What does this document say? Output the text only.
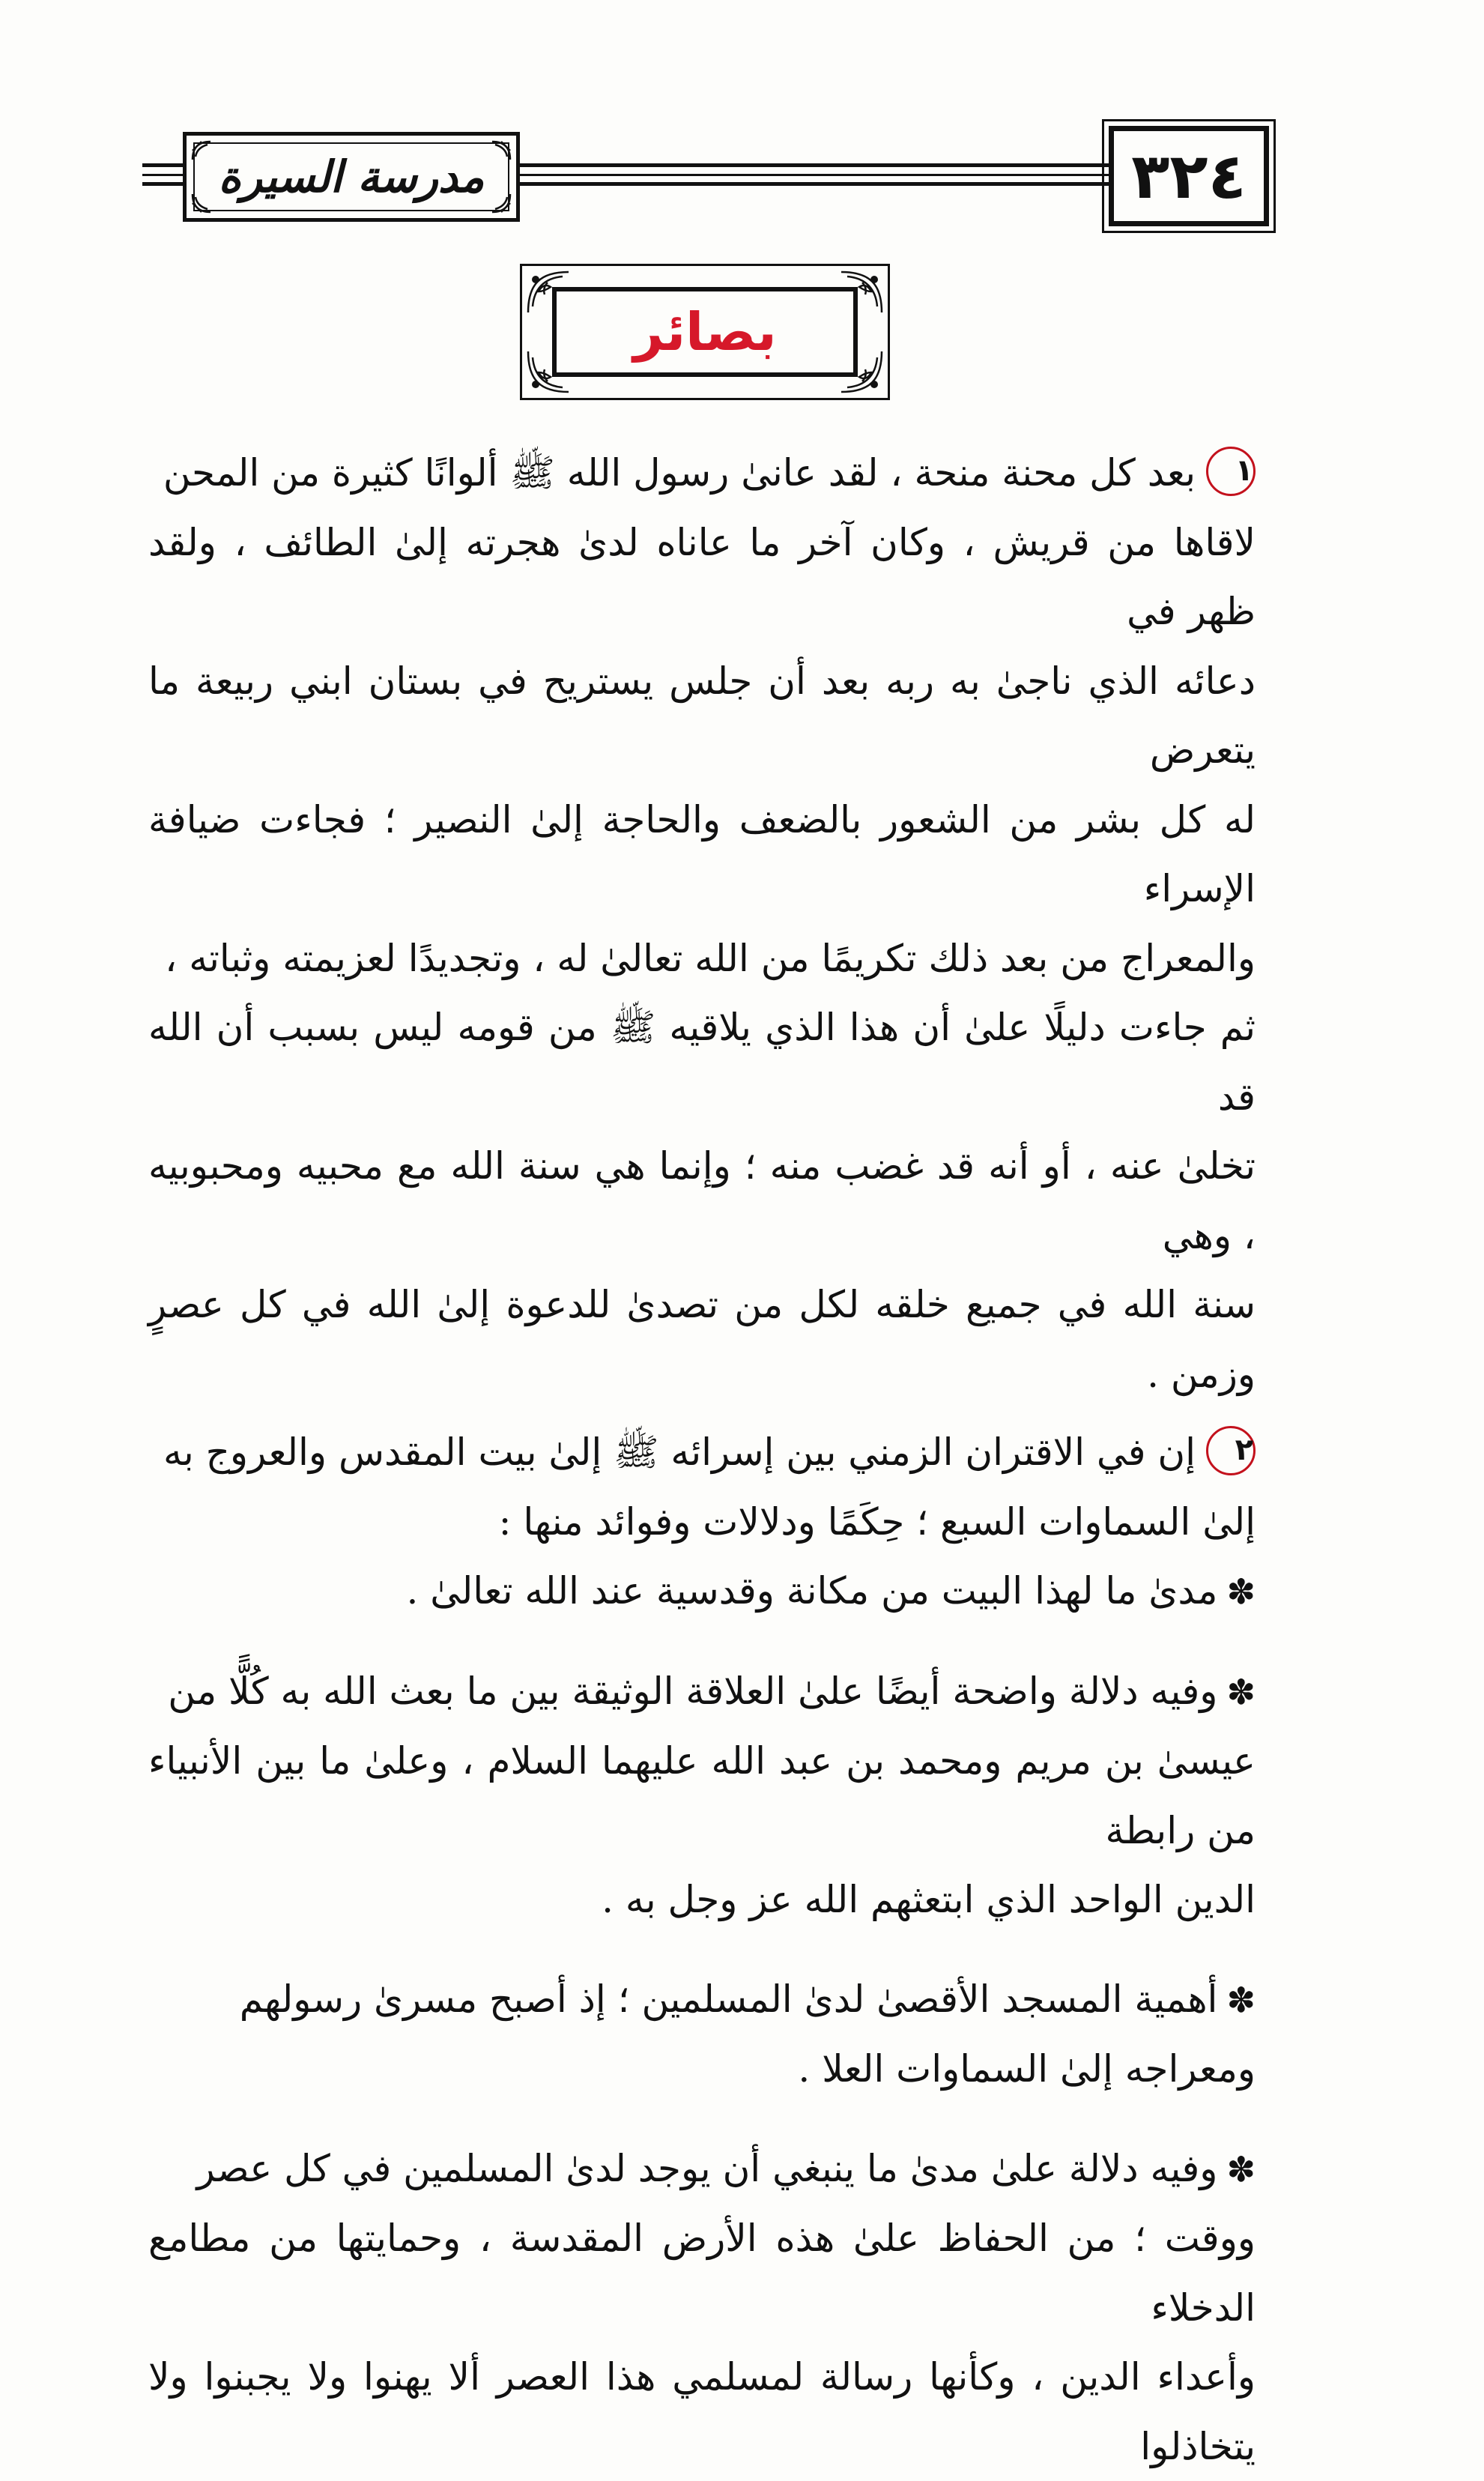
مدرسة السيرة	٣٢٤
بصائر
١بعد كل محنة منحة ، لقد عانىٰ رسول الله ﷺ ألوانًا كثيرة من المحن
لاقاها من قريش ، وكان آخر ما عاناه لدىٰ هجرته إلىٰ الطائف ، ولقد ظهر في
دعائه الذي ناجىٰ به ربه بعد أن جلس يستريح في بستان ابني ربيعة ما يتعرض
له كل بشر من الشعور بالضعف والحاجة إلىٰ النصير ؛ فجاءت ضيافة الإسراء
والمعراج من بعد ذلك تكريمًا من الله تعالىٰ له ، وتجديدًا لعزيمته وثباته ،
ثم جاءت دليلًا علىٰ أن هذا الذي يلاقيه ﷺ من قومه ليس بسبب أن الله قد
تخلىٰ عنه ، أو أنه قد غضب منه ؛ وإنما هي سنة الله مع محبيه ومحبوبيه ، وهي
سنة الله في جميع خلقه لكل من تصدىٰ للدعوة إلىٰ الله في كل عصرٍ وزمن .
٢إن في الاقتران الزمني بين إسرائه ﷺ إلىٰ بيت المقدس والعروج به
إلىٰ السماوات السبع ؛ حِكَمًا ودلالات وفوائد منها :
✽مدىٰ ما لهذا البيت من مكانة وقدسية عند الله تعالىٰ .
✽وفيه دلالة واضحة أيضًا علىٰ العلاقة الوثيقة بين ما بعث الله به كُلًّا من
عيسىٰ بن مريم ومحمد بن عبد الله عليهما السلام ، وعلىٰ ما بين الأنبياء من رابطة
الدين الواحد الذي ابتعثهم الله عز وجل به .
✽أهمية المسجد الأقصىٰ لدىٰ المسلمين ؛ إذ أصبح مسرىٰ رسولهم
ومعراجه إلىٰ السماوات العلا .
✽وفيه دلالة علىٰ مدىٰ ما ينبغي أن يوجد لدىٰ المسلمين في كل عصر
ووقت ؛ من الحفاظ علىٰ هذه الأرض المقدسة ، وحمايتها من مطامع الدخلاء
وأعداء الدين ، وكأنها رسالة لمسلمي هذا العصر ألا يهنوا ولا يجبنوا ولا يتخاذلوا
